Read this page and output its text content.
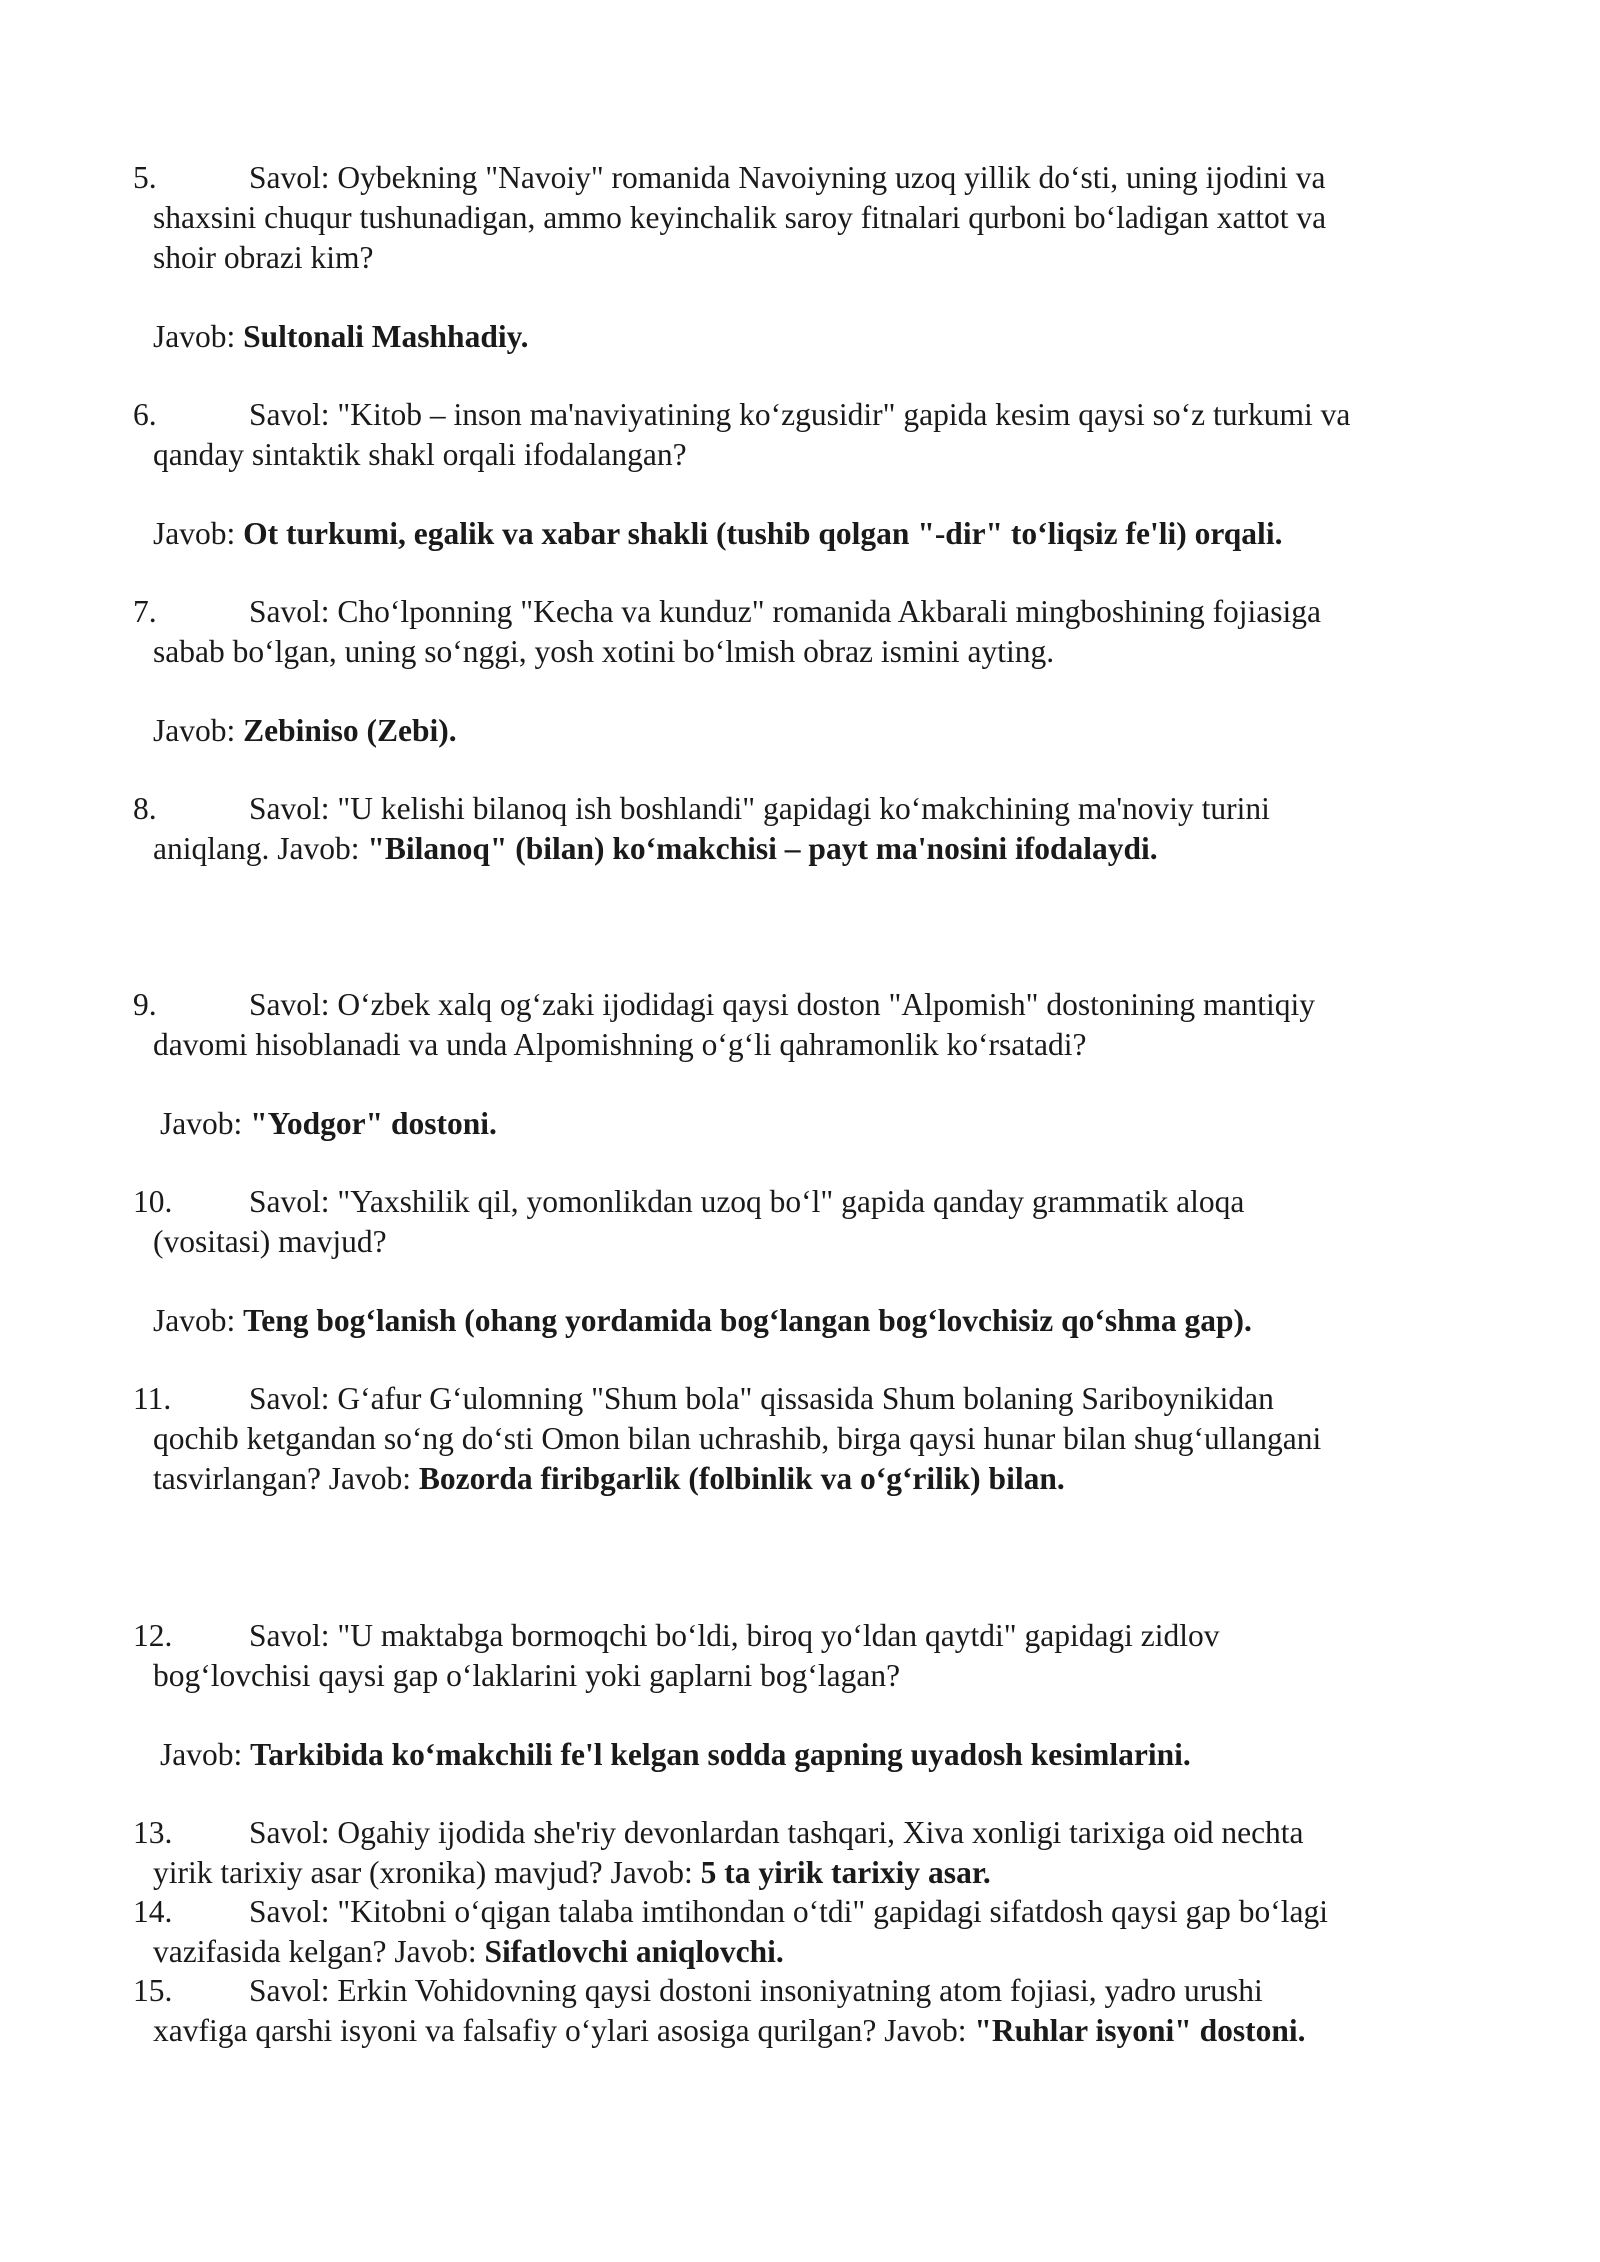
5.	Savol: Oybekning "Navoiy" romanida Navoiyning uzoq yillik do‘sti, uning ijodini va
shaxsini chuqur tushunadigan, ammo keyinchalik saroy fitnalari qurboni bo‘ladigan xattot va
shoir obrazi kim?
Javob: Sultonali Mashhadiy.
6.	Savol: "Kitob – inson ma'naviyatining ko‘zgusidir" gapida kesim qaysi so‘z turkumi va
qanday sintaktik shakl orqali ifodalangan?
Javob: Ot turkumi, egalik va xabar shakli (tushib qolgan "-dir" to‘liqsiz fe'li) orqali.
7.	Savol: Cho‘lponning "Kecha va kunduz" romanida Akbarali mingboshining fojiasiga
sabab bo‘lgan, uning so‘nggi, yosh xotini bo‘lmish obraz ismini ayting.
Javob: Zebiniso (Zebi).
8.	Savol: "U kelishi bilanoq ish boshlandi" gapidagi ko‘makchining ma'noviy turini
aniqlang. Javob: "Bilanoq" (bilan) ko‘makchisi – payt ma'nosini ifodalaydi.
9.	Savol: O‘zbek xalq og‘zaki ijodidagi qaysi doston "Alpomish" dostonining mantiqiy
davomi hisoblanadi va unda Alpomishning o‘g‘li qahramonlik ko‘rsatadi?
Javob: "Yodgor" dostoni.
10. Savol: "Yaxshilik qil, yomonlikdan uzoq bo‘l" gapida qanday grammatik aloqa
(vositasi) mavjud?
Javob: Teng bog‘lanish (ohang yordamida bog‘langan bog‘lovchisiz qo‘shma gap).
11. Savol: G‘afur G‘ulomning "Shum bola" qissasida Shum bolaning Sariboynikidan
qochib ketgandan so‘ng do‘sti Omon bilan uchrashib, birga qaysi hunar bilan shug‘ullangani
tasvirlangan? Javob: Bozorda firibgarlik (folbinlik va o‘g‘rilik) bilan.
12. Savol: "U maktabga bormoqchi bo‘ldi, biroq yo‘ldan qaytdi" gapidagi zidlov
bog‘lovchisi qaysi gap o‘laklarini yoki gaplarni bog‘lagan?
Javob: Tarkibida ko‘makchili fe'l kelgan sodda gapning uyadosh kesimlarini.
13. Savol: Ogahiy ijodida she'riy devonlardan tashqari, Xiva xonligi tarixiga oid nechta
yirik tarixiy asar (xronika) mavjud? Javob: 5 ta yirik tarixiy asar.
14. Savol: "Kitobni o‘qigan talaba imtihondan o‘tdi" gapidagi sifatdosh qaysi gap bo‘lagi
vazifasida kelgan? Javob: Sifatlovchi aniqlovchi.
15. Savol: Erkin Vohidovning qaysi dostoni insoniyatning atom fojiasi, yadro urushi
xavfiga qarshi isyoni va falsafiy o‘ylari asosiga qurilgan? Javob: "Ruhlar isyoni" dostoni.
